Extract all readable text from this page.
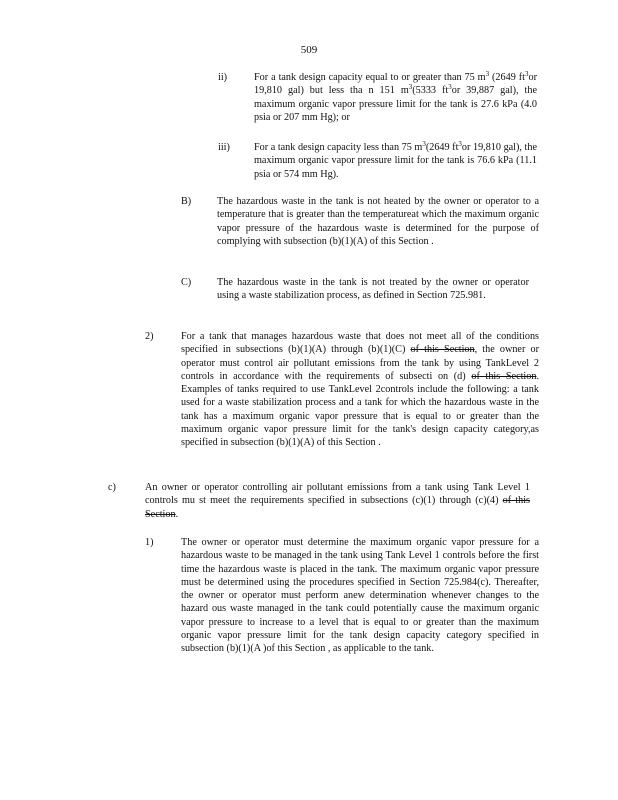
509
ii)	For a tank design capacity equal to or greater than 75 $m^3$ (2649 $ft^3or$ 19,810 gal) but less tha n 151 $m^3(5333$ $ft^3or$ 39,887 gal), the maximum organic vapor pressure limit for the tank is 27.6 kPa (4.0 psia or 207 mm Hg); or
iii) For a tank design capacity less than 75 $m^3(2649$ $ft^3or$ 19,810 gal), the maximum organic vapor pressure limit for the tank is 76.6 kPa (11.1 psia or 574 mm Hg).
B)	The hazardous waste in the tank is not heated by the owner or operator to a temperature that is greater than the temperatureat which the maximum organic vapor pressure of the hazardous waste is determined for the purpose of complying with subsection (b)(1)(A) of this Section .
C)	The hazardous waste in the tank is not treated by the owner or operator using a waste stabilization process, as defined in Section 725.981.
2)	For a tank that manages hazardous waste that does not meet all of the conditions specified in subsections (b)(1)(A) through (b)(1)(C) of this Section, the owner or operator must control air pollutant emissions from the tank by using TankLevel 2 controls in accordance with the requirements of subsecti on (d) of this Section. Examples of tanks required to use TankLevel 2controls include the following: a tank used for a waste stabilization process and a tank for which the hazardous waste in the tank has a maximum organic vapor pressure that is equal to or greater than the maximum organic vapor pressure limit for the tank's design capacity category,as specified in subsection (b)(1)(A) of this Section .
c)	An owner or operator controlling air pollutant emissions from a tank using Tank Level 1 controls mu st meet the requirements specified in subsections (c)(1) through (c)(4) of this Section.
1)	The owner or operator must determine the maximum organic vapor pressure for a hazardous waste to be managed in the tank using Tank Level 1 controls before the first time the hazardous waste is placed in the tank. The maximum organic vapor pressure must be determined using the procedures specified in Section 725.984(c). Thereafter, the owner or operator must perform anew determination whenever changes to the hazard ous waste managed in the tank could potentially cause the maximum organic vapor pressure to increase to a level that is equal to or greater than the maximum organic vapor pressure limit for the tank design capacity category specified in subsection (b)(1)(A )of this Section , as applicable to the tank.
